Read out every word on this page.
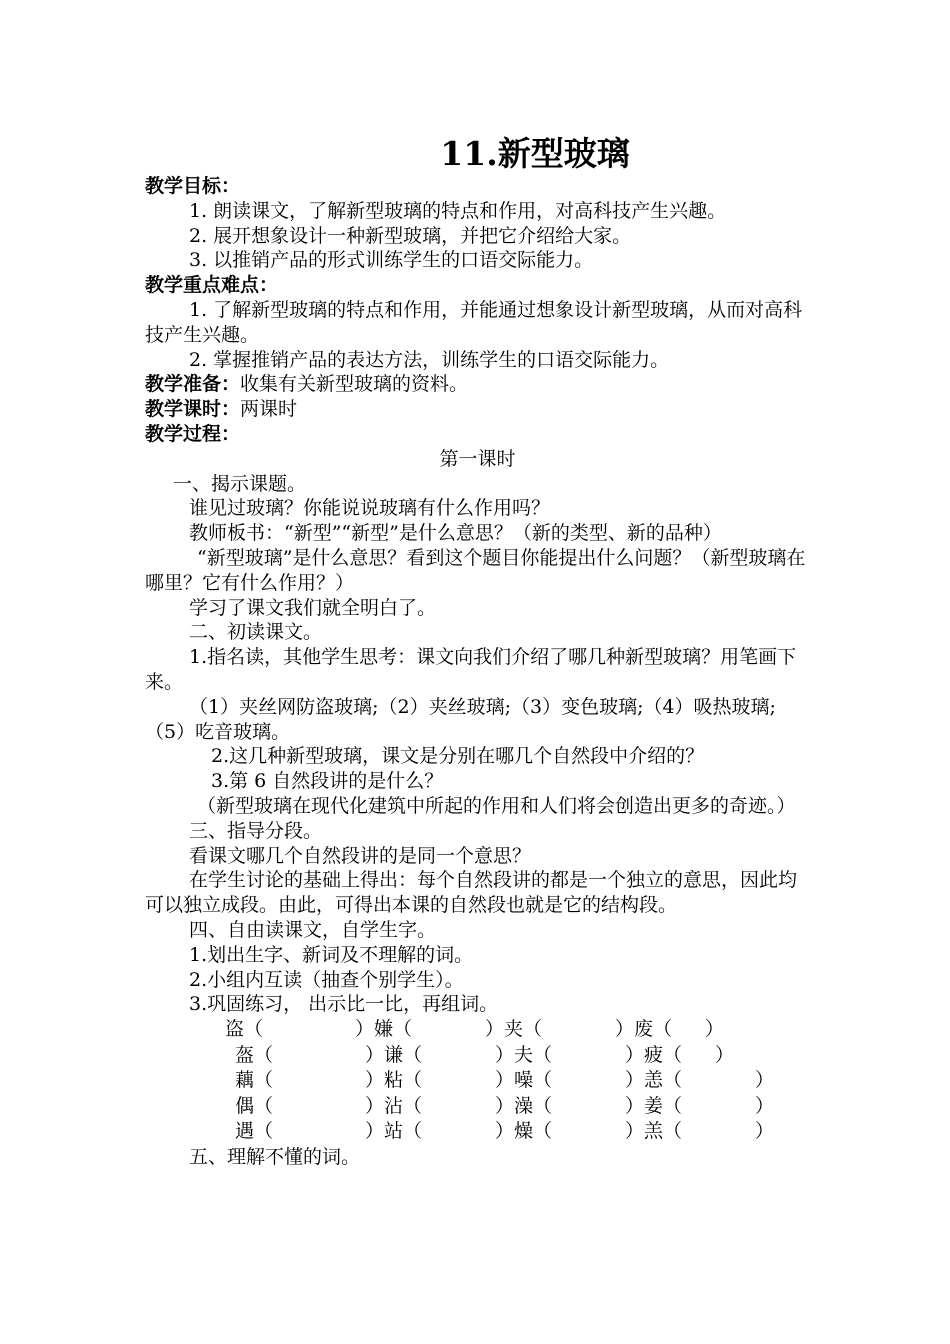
11.新型玻璃

教学目标：

1. 朗读课文，了解新型玻璃的特点和作用，对高科技产生兴趣。

2. 展开想象设计一种新型玻璃，并把它介绍给大家。

3. 以推销产品的形式训练学生的口语交际能力。

教学重点难点：

1. 了解新型玻璃的特点和作用，并能通过想象设计新型玻璃，从而对高科技产生兴趣。

2. 掌握推销产品的表达方法，训练学生的口语交际能力。

教学准备：收集有关新型玻璃的资料。

教学课时：两课时

教学过程：

第一课时

一、揭示课题。

谁见过玻璃？你能说说玻璃有什么作用吗？

教师板书：“新型”“新型”是什么意思？（新的类型、新的品种）

“新型玻璃”是什么意思？看到这个题目你能提出什么问题？（新型玻璃在哪里？它有什么作用？）

学习了课文我们就全明白了。

二、初读课文。

1.指名读，其他学生思考：课文向我们介绍了哪几种新型玻璃？用笔画下来。

（1）夹丝网防盗玻璃;（2）夹丝玻璃;（3）变色玻璃;（4）吸热玻璃;（5）吃音玻璃。

2.这几种新型玻璃，课文是分别在哪几个自然段中介绍的？

3.第 6 自然段讲的是什么？

（新型玻璃在现代化建筑中所起的作用和人们将会创造出更多的奇迹。）

三、指导分段。

看课文哪几个自然段讲的是同一个意思？

在学生讨论的基础上得出：每个自然段讲的都是一个独立的意思，因此均可以独立成段。由此，可得出本课的自然段也就是它的结构段。

四、自由读课文，自学生字。

1.划出生字、新词及不理解的词。

2.小组内互读（抽查个别学生）。

3.巩固练习， 出示比一比，再组词。

盗（	）嫌（	）夹（	）废（	）
盔（	）谦（	）夫（	）疲（	）
藕（	）粘（	）噪（	）恙（	）
偶（	）沾（	）澡（	）姜（	）
遇（	）站（	）燥（	）羔（	）

五、理解不懂的词。
